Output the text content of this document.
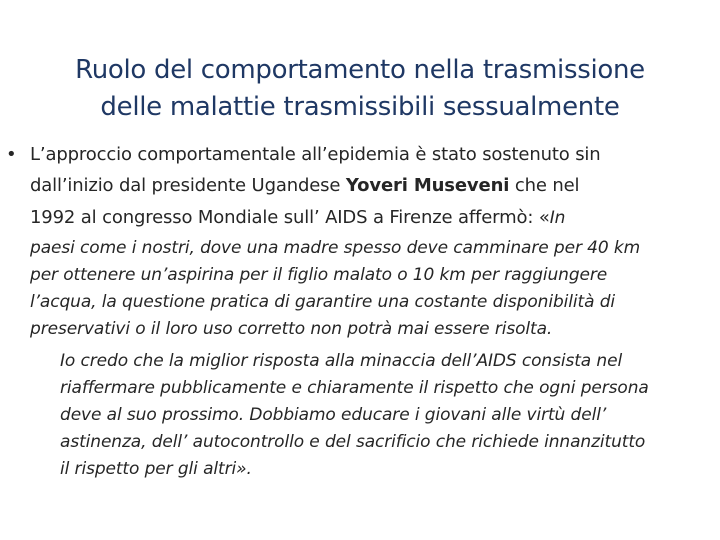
Ruolo del comportamento nella trasmissione
delle malattie trasmissibili sessualmente
• L’approccio comportamentale all’epidemia è stato sostenuto sin
dall’inizio dal presidente Ugandese Yoveri Museveni che nel
1992 al congresso Mondiale sull’ AIDS a Firenze affermò: «In
paesi come i nostri, dove una madre spesso deve camminare per 40 km
per ottenere un’aspirina per il figlio malato o 10 km per raggiungere
l’acqua, la questione pratica di garantire una costante disponibilità di
preservativi o il loro uso corretto non potrà mai essere risolta.
Io credo che la miglior risposta alla minaccia dell’AIDS consista nel
riaffermare pubblicamente e chiaramente il rispetto che ogni persona
deve al suo prossimo. Dobbiamo educare i giovani alle virtù dell’
astinenza, dell’ autocontrollo e del sacrificio che richiede innanzitutto
il rispetto per gli altri».
